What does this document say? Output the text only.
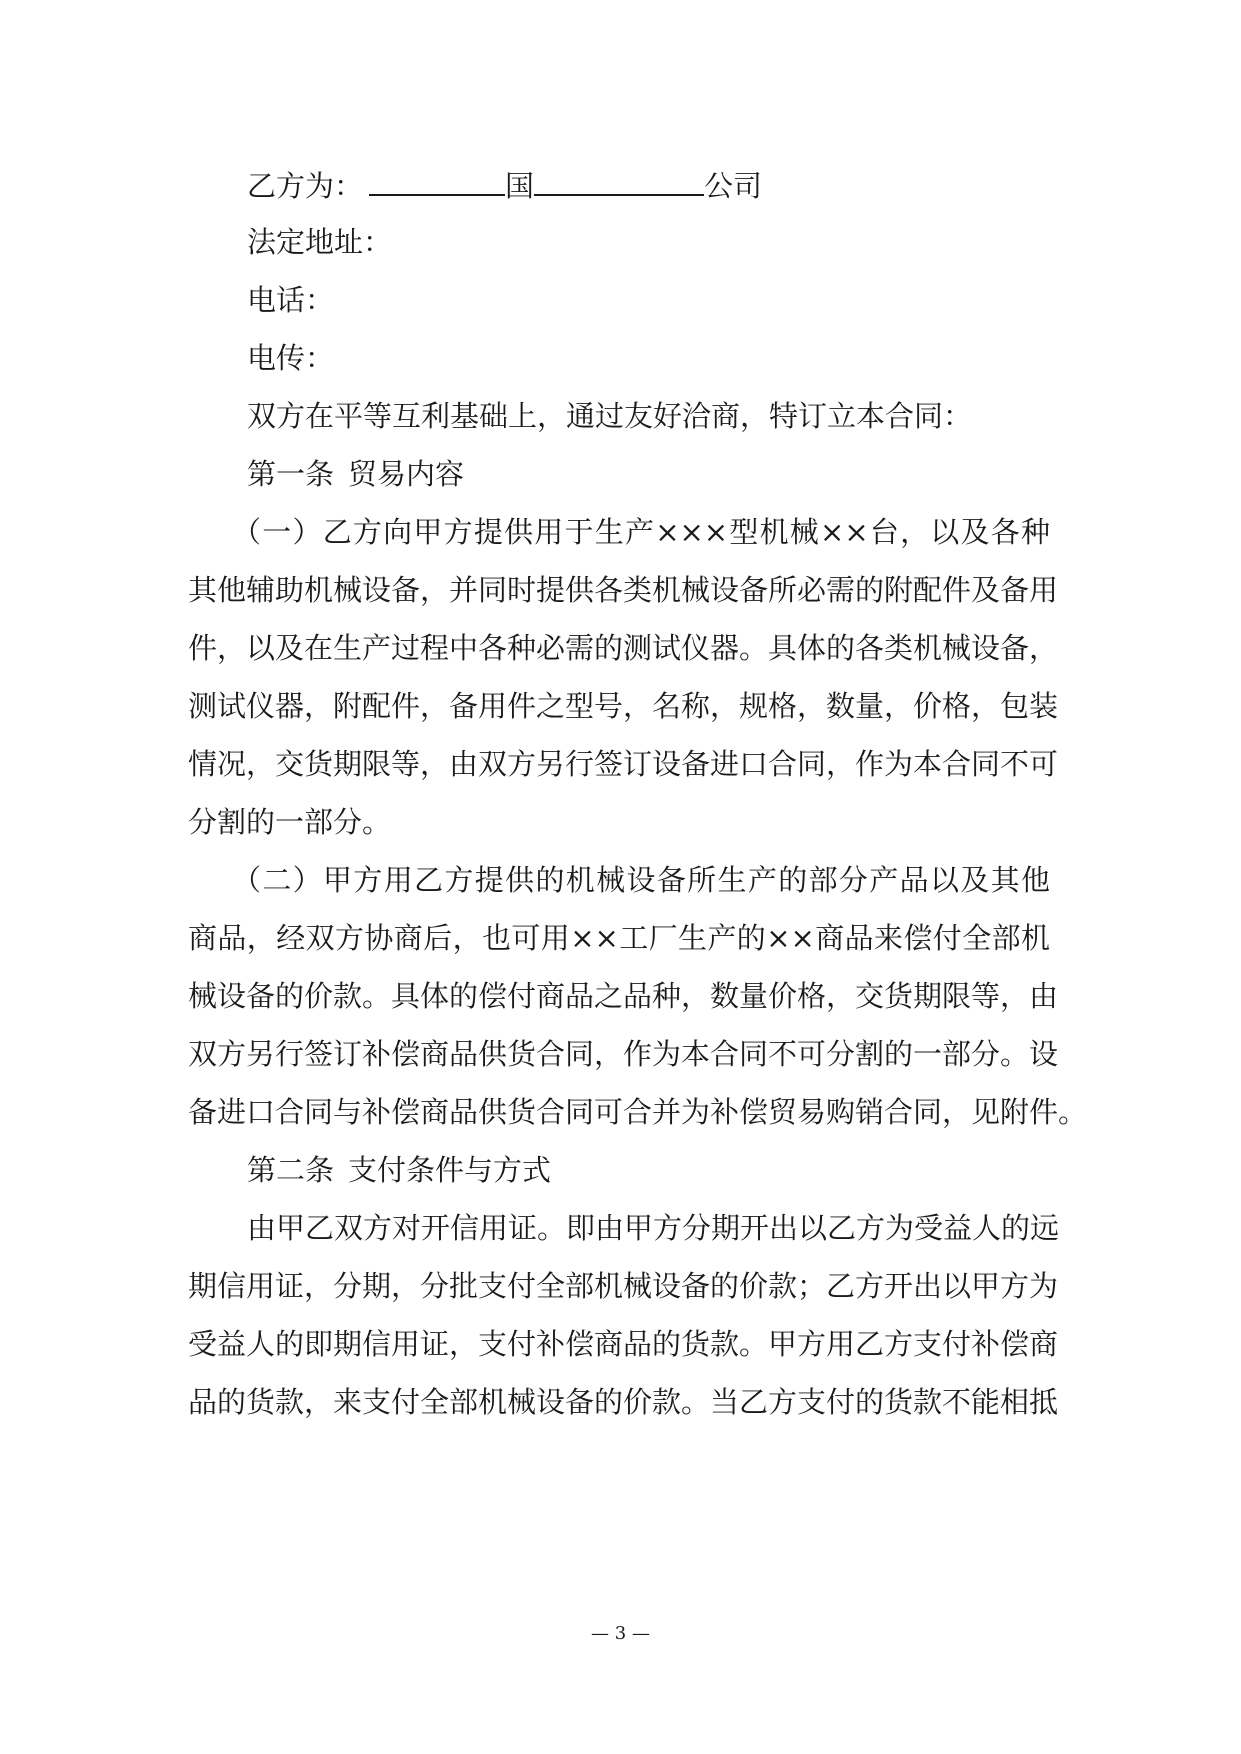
乙方为：	国	公司
法定地址：
电话：
电传：
双方在平等互利基础上，通过友好洽商，特订立本合同：
第一条 贸易内容
（一）乙方向甲方提供用于生产×××型机械××台，以及各种
其他辅助机械设备，并同时提供各类机械设备所必需的附配件及备用
件，以及在生产过程中各种必需的测试仪器。具体的各类机械设备，
测试仪器，附配件，备用件之型号，名称，规格，数量，价格，包装
情况，交货期限等，由双方另行签订设备进口合同，作为本合同不可
分割的一部分。
（二）甲方用乙方提供的机械设备所生产的部分产品以及其他
商品，经双方协商后，也可用××工厂生产的××商品来偿付全部机
械设备的价款。具体的偿付商品之品种，数量价格，交货期限等，由
双方另行签订补偿商品供货合同，作为本合同不可分割的一部分。设
备进口合同与补偿商品供货合同可合并为补偿贸易购销合同，见附件。
第二条 支付条件与方式
由甲乙双方对开信用证。即由甲方分期开出以乙方为受益人的远
期信用证，分期，分批支付全部机械设备的价款；乙方开出以甲方为
受益人的即期信用证，支付补偿商品的货款。甲方用乙方支付补偿商
品的货款，来支付全部机械设备的价款。当乙方支付的货款不能相抵
— 3 —
